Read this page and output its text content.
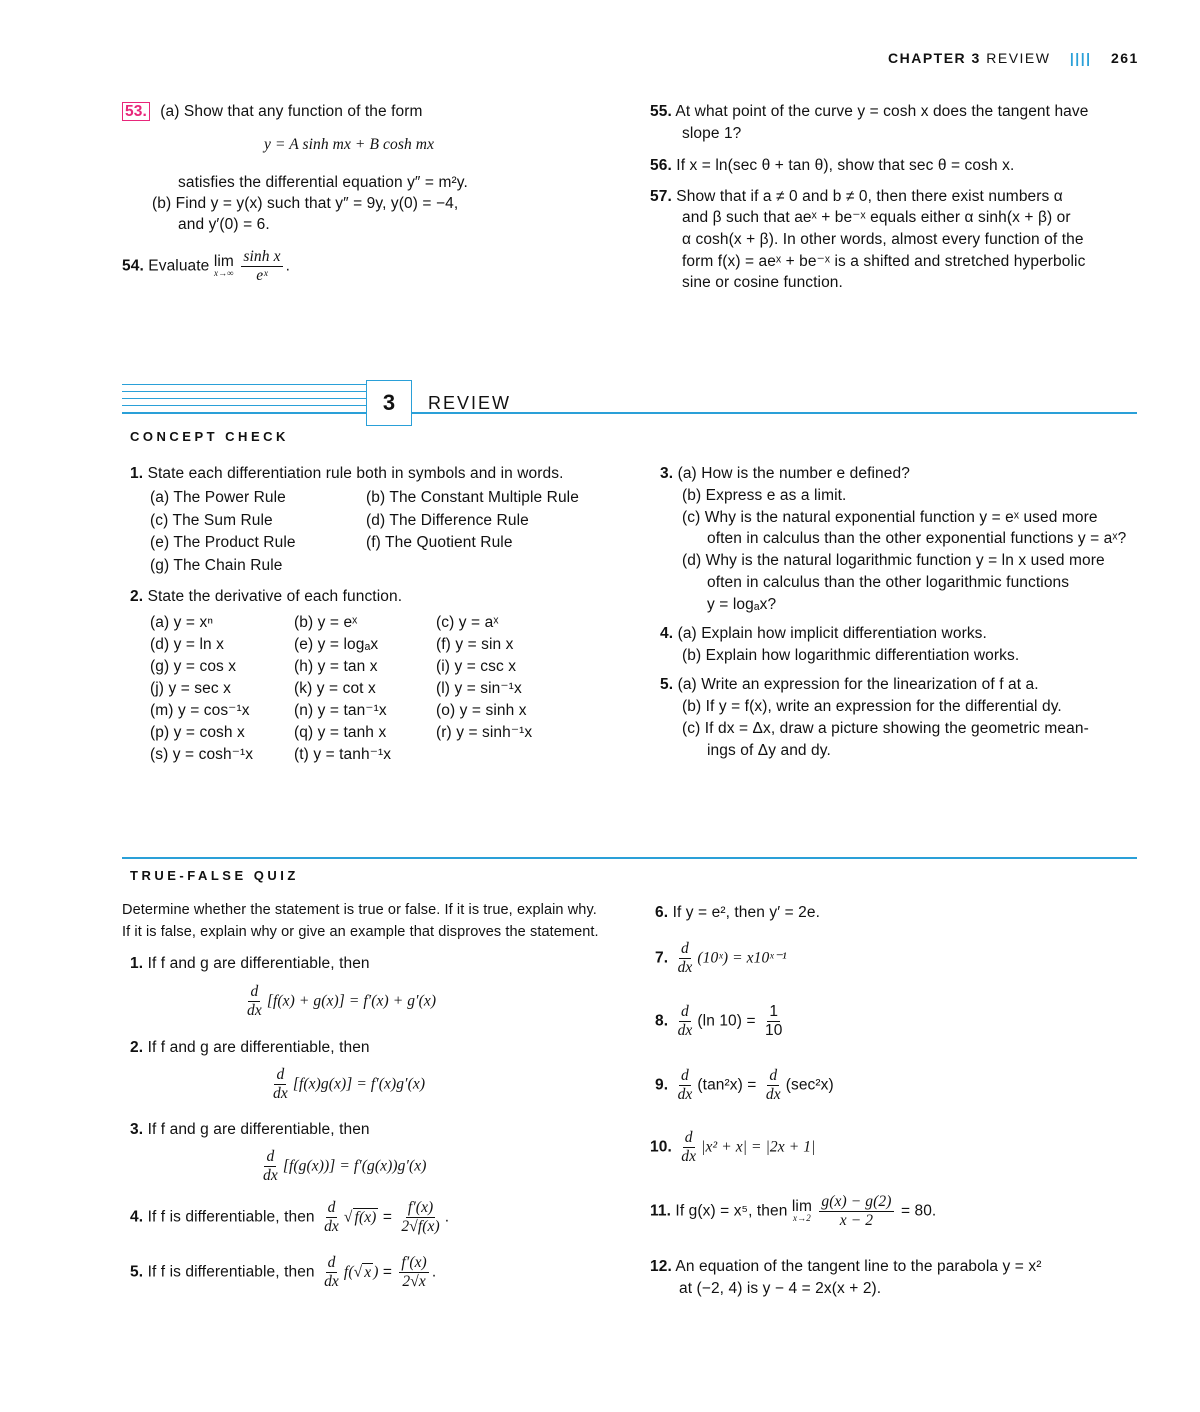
CHAPTER 3 REVIEW |||| 261
53. (a) Show that any function of the form
y = A sinh mx + B cosh mx
satisfies the differential equation y″ = m²y.
(b) Find y = y(x) such that y″ = 9y, y(0) = −4,
and y′(0) = 6.
54. Evaluate lim
x→∞
$\frac{\text{sinh x}}{\text{eˣ}}$ .
55. At what point of the curve y = cosh x does the tangent have
slope 1?
56. If x = ln(sec θ + tan θ), show that sec θ = cosh x.
57. Show that if a ≠ 0 and b ≠ 0, then there exist numbers α
and β such that aeˣ + be⁻ˣ equals either α sinh(x + β) or
α cosh(x + β). In other words, almost every function of the
form f(x) = aeˣ + be⁻ˣ is a shifted and stretched hyperbolic
sine or cosine function.
3	REVIEW
CONCEPT CHECK
1. State each differentiation rule both in symbols and in words.
(a) The Power Rule	(b) The Constant Multiple Rule
(c) The Sum Rule	(d) The Difference Rule
(e) The Product Rule	(f) The Quotient Rule
(g) The Chain Rule
2. State the derivative of each function.
(a) y = xⁿ	(b) y = eˣ	(c) y = aˣ
(d) y = ln x	(e) y = logₐx	(f) y = sin x
(g) y = cos x	(h) y = tan x	(i) y = csc x
(j) y = sec x	(k) y = cot x	(l) y = sin⁻¹x
(m) y = cos⁻¹x	(n) y = tan⁻¹x	(o) y = sinh x
(p) y = cosh x	(q) y = tanh x	(r) y = sinh⁻¹x
(s) y = cosh⁻¹x	(t) y = tanh⁻¹x
3. (a) How is the number e defined?
(b) Express e as a limit.
(c) Why is the natural exponential function y = eˣ used more
often in calculus than the other exponential functions y = aˣ?
(d) Why is the natural logarithmic function y = ln x used more
often in calculus than the other logarithmic functions
y = logₐx?
4. (a) Explain how implicit differentiation works.
(b) Explain how logarithmic differentiation works.
5. (a) Write an expression for the linearization of f at a.
(b) If y = f(x), write an expression for the differential dy.
(c) If dx = Δx, draw a picture showing the geometric mean-
ings of Δy and dy.
TRUE-FALSE QUIZ
Determine whether the statement is true or false. If it is true, explain why.
If it is false, explain why or give an example that disproves the statement.
1. If f and g are differentiable, then
$\frac{d}{dx} [f(x) + g(x)] = f'(x) + g'(x)$
2. If f and g are differentiable, then
$\frac{d}{dx} [f(x)g(x)] = f'(x)g'(x)$
3. If f and g are differentiable, then
$\frac{d}{dx} [f(g(x))] = f'(g(x))g'(x)$
4. If f is differentiable, then $\frac{d}{dx}$ √ $f(x) = \frac{f'(x)}{2√f(x)}$ .
5. If f is differentiable, then $\frac{d}{dx} f(√$ x ) = $\frac{f'(x)}{2√x}$ .
6. If y = e², then y′ = 2e.
7. $\frac{d}{dx}$ (10ˣ) = x10ˣ⁻¹
8. $\frac{d}{dx} (\ln$ $10) = \frac{1}{10}$
9. $\frac{d}{dx} (\tan^2x) = \frac{d}{dx} (\sec^2x)$
10. $\frac{d}{dx} |x^2 + x| = |2x + 1|$
11. If g(x) = x⁵, then lim
x→2
$\frac{g(x) - g(2)}{x - 2} = 80$.
12. An equation of the tangent line to the parabola y = x²
at (−2, 4) is y − 4 = 2x(x + 2).
